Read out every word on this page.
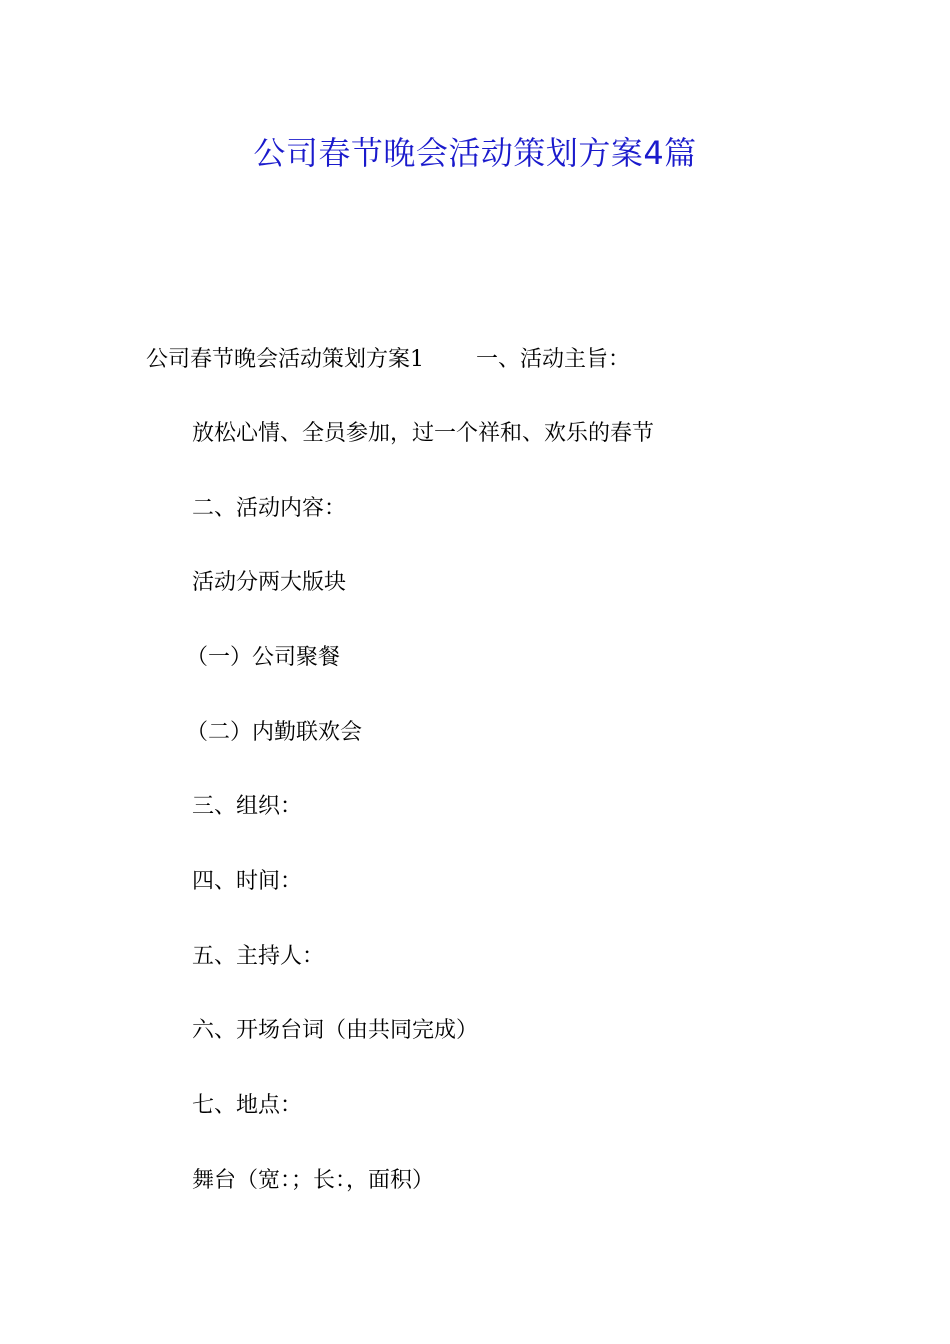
公司春节晚会活动策划方案4篇
公司春节晚会活动策划方案1 一、活动主旨：
放松心情、全员参加，过一个祥和、欢乐的春节
二、活动内容：
活动分两大版块
（一）公司聚餐
（二）内勤联欢会
三、组织：
四、时间：
五、主持人：
六、开场台词（由共同完成）
七、地点：
舞台（宽：；长：，面积）
